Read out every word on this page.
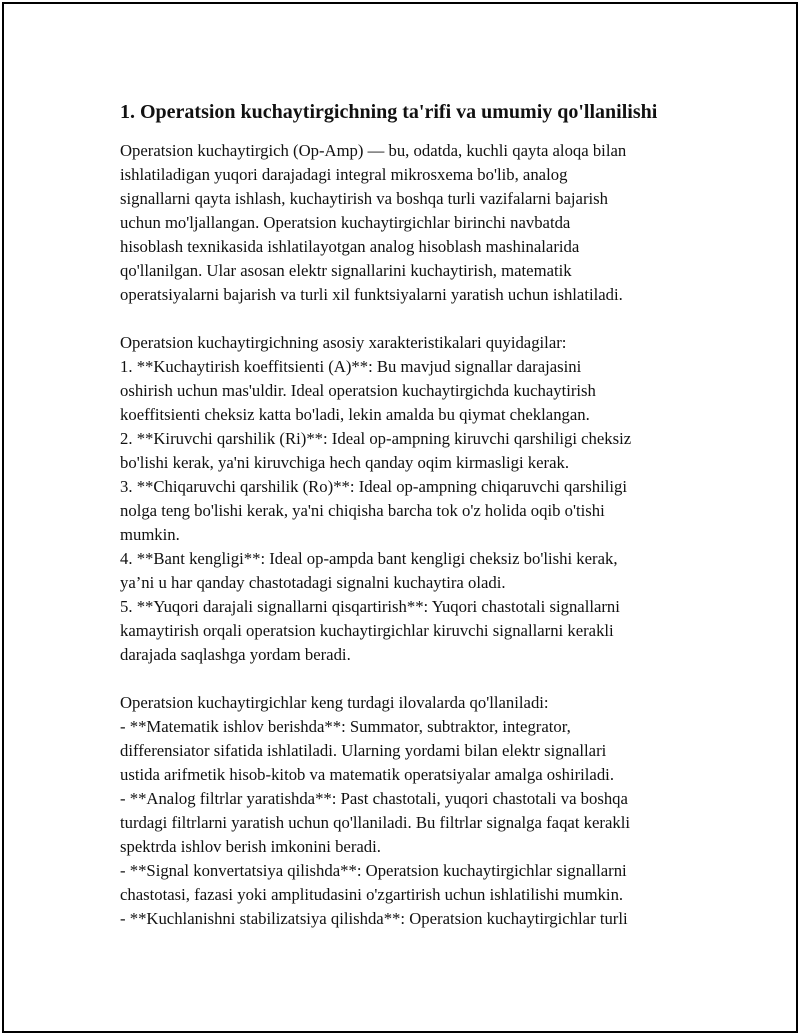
1. Operatsion kuchaytirgichning ta'rifi va umumiy qo'llanilishi

Operatsion kuchaytirgich (Op-Amp) — bu, odatda, kuchli qayta aloqa bilan
ishlatiladigan yuqori darajadagi integral mikrosxema bo'lib, analog
signallarni qayta ishlash, kuchaytirish va boshqa turli vazifalarni bajarish
uchun mo'ljallangan. Operatsion kuchaytirgichlar birinchi navbatda
hisoblash texnikasida ishlatilayotgan analog hisoblash mashinalarida
qo'llanilgan. Ular asosan elektr signallarini kuchaytirish, matematik
operatsiyalarni bajarish va turli xil funktsiyalarni yaratish uchun ishlatiladi.

Operatsion kuchaytirgichning asosiy xarakteristikalari quyidagilar:
1. **Kuchaytirish koeffitsienti (A)**: Bu mavjud signallar darajasini
oshirish uchun mas'uldir. Ideal operatsion kuchaytirgichda kuchaytirish
koeffitsienti cheksiz katta bo'ladi, lekin amalda bu qiymat cheklangan.
2. **Kiruvchi qarshilik (Ri)**: Ideal op-ampning kiruvchi qarshiligi cheksiz
bo'lishi kerak, ya'ni kiruvchiga hech qanday oqim kirmasligi kerak.
3. **Chiqaruvchi qarshilik (Ro)**: Ideal op-ampning chiqaruvchi qarshiligi
nolga teng bo'lishi kerak, ya'ni chiqisha barcha tok o'z holida oqib o'tishi
mumkin.
4. **Bant kengligi**: Ideal op-ampda bant kengligi cheksiz bo'lishi kerak,
ya’ni u har qanday chastotadagi signalni kuchaytira oladi.
5. **Yuqori darajali signallarni qisqartirish**: Yuqori chastotali signallarni
kamaytirish orqali operatsion kuchaytirgichlar kiruvchi signallarni kerakli
darajada saqlashga yordam beradi.

Operatsion kuchaytirgichlar keng turdagi ilovalarda qo'llaniladi:
- **Matematik ishlov berishda**: Summator, subtraktor, integrator,
differensiator sifatida ishlatiladi. Ularning yordami bilan elektr signallari
ustida arifmetik hisob-kitob va matematik operatsiyalar amalga oshiriladi.
- **Analog filtrlar yaratishda**: Past chastotali, yuqori chastotali va boshqa
turdagi filtrlarni yaratish uchun qo'llaniladi. Bu filtrlar signalga faqat kerakli
spektrda ishlov berish imkonini beradi.
- **Signal konvertatsiya qilishda**: Operatsion kuchaytirgichlar signallarni
chastotasi, fazasi yoki amplitudasini o'zgartirish uchun ishlatilishi mumkin.
- **Kuchlanishni stabilizatsiya qilishda**: Operatsion kuchaytirgichlar turli
